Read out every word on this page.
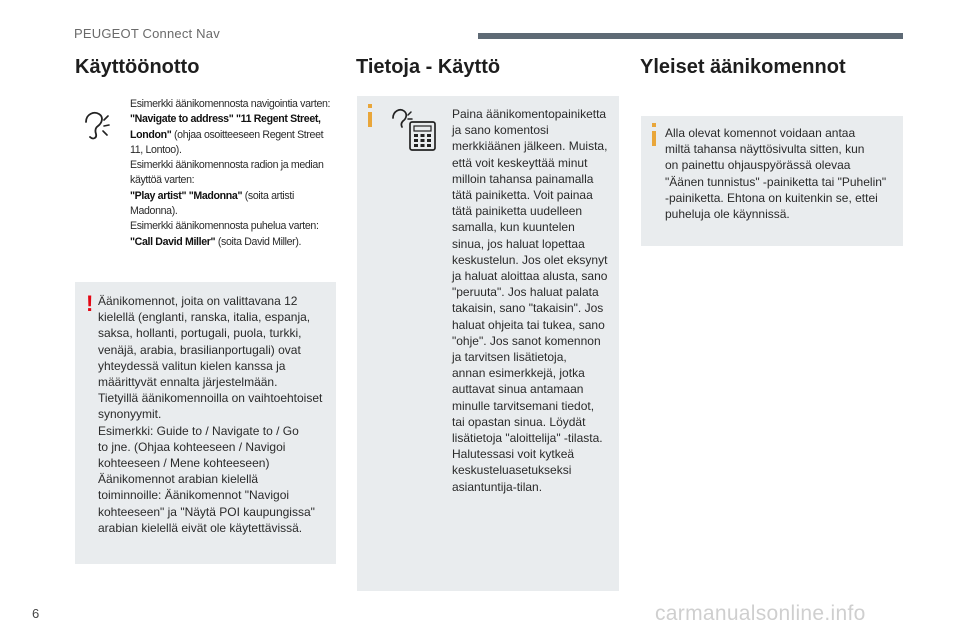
PEUGEOT Connect Nav
Käyttöönotto
Esimerkki äänikomennosta navigointia varten:
"Navigate to address" "11 Regent Street,
London" (ohjaa osoitteeseen Regent Street
11, Lontoo).
Esimerkki äänikomennosta radion ja median
käyttöä varten:
"Play artist" "Madonna" (soita artisti
Madonna).
Esimerkki äänikomennosta puhelua varten:
"Call David Miller" (soita David Miller).
! Äänikomennot, joita on valittavana 12
kielellä (englanti, ranska, italia, espanja,
saksa, hollanti, portugali, puola, turkki,
venäjä, arabia, brasilianportugali) ovat
yhteydessä valitun kielen kanssa ja
määrittyvät ennalta järjestelmään.
Tietyillä äänikomennoilla on vaihtoehtoiset
synonyymit.
Esimerkki: Guide to / Navigate to / Go
to jne. (Ohjaa kohteeseen / Navigoi
kohteeseen / Mene kohteeseen)
Äänikomennot arabian kielellä
toiminnoille: Äänikomennot "Navigoi
kohteeseen" ja "Näytä POI kaupungissa"
arabian kielellä eivät ole käytettävissä.
Tietoja - Käyttö
Paina äänikomentopainiketta
ja sano komentosi
merkkiäänen jälkeen. Muista,
että voit keskeyttää minut
milloin tahansa painamalla
tätä painiketta. Voit painaa
tätä painiketta uudelleen
samalla, kun kuuntelen
sinua, jos haluat lopettaa
keskustelun. Jos olet eksynyt
ja haluat aloittaa alusta, sano
"peruuta". Jos haluat palata
takaisin, sano "takaisin". Jos
haluat ohjeita tai tukea, sano
"ohje". Jos sanot komennon
ja tarvitsen lisätietoja,
annan esimerkkejä, jotka
auttavat sinua antamaan
minulle tarvitsemani tiedot,
tai opastan sinua. Löydät
lisätietoja "aloittelija" -tilasta.
Halutessasi voit kytkeä
keskusteluasetukseksi
asiantuntija-tilan.
Yleiset äänikomennot
Alla olevat komennot voidaan antaa
miltä tahansa näyttösivulta sitten, kun
on painettu ohjauspyörässä olevaa
"Äänen tunnistus" -painiketta tai "Puhelin"
-painiketta. Ehtona on kuitenkin se, ettei
puheluja ole käynnissä.
6	carmanualsonline.info
